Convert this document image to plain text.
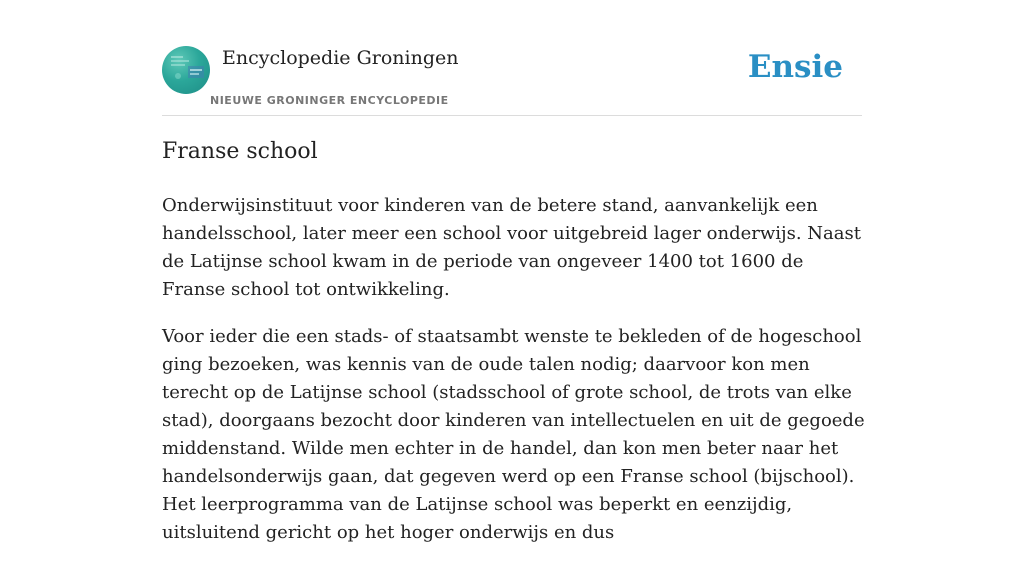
Encyclopedie Groningen
NIEUWE GRONINGER ENCYCLOPEDIE
Ensie
Franse school

Onderwijsinstituut voor kinderen van de betere stand, aanvankelijk een handelsschool, later meer een school voor uitgebreid lager onderwijs. Naast de Latijnse school kwam in de periode van ongeveer 1400 tot 1600 de Franse school tot ontwikkeling.

Voor ieder die een stads- of staatsambt wenste te bekleden of de hogeschool ging bezoeken, was kennis van de oude talen nodig; daarvoor kon men terecht op de Latijnse school (stadsschool of grote school, de trots van elke stad), doorgaans bezocht door kinderen van intellectuelen en uit de gegoede middenstand. Wilde men echter in de handel, dan kon men beter naar het handelsonderwijs gaan, dat gegeven werd op een Franse school (bijschool). Het leerprogramma van de Latijnse school was beperkt en eenzijdig, uitsluitend gericht op het hoger onderwijs en dus
